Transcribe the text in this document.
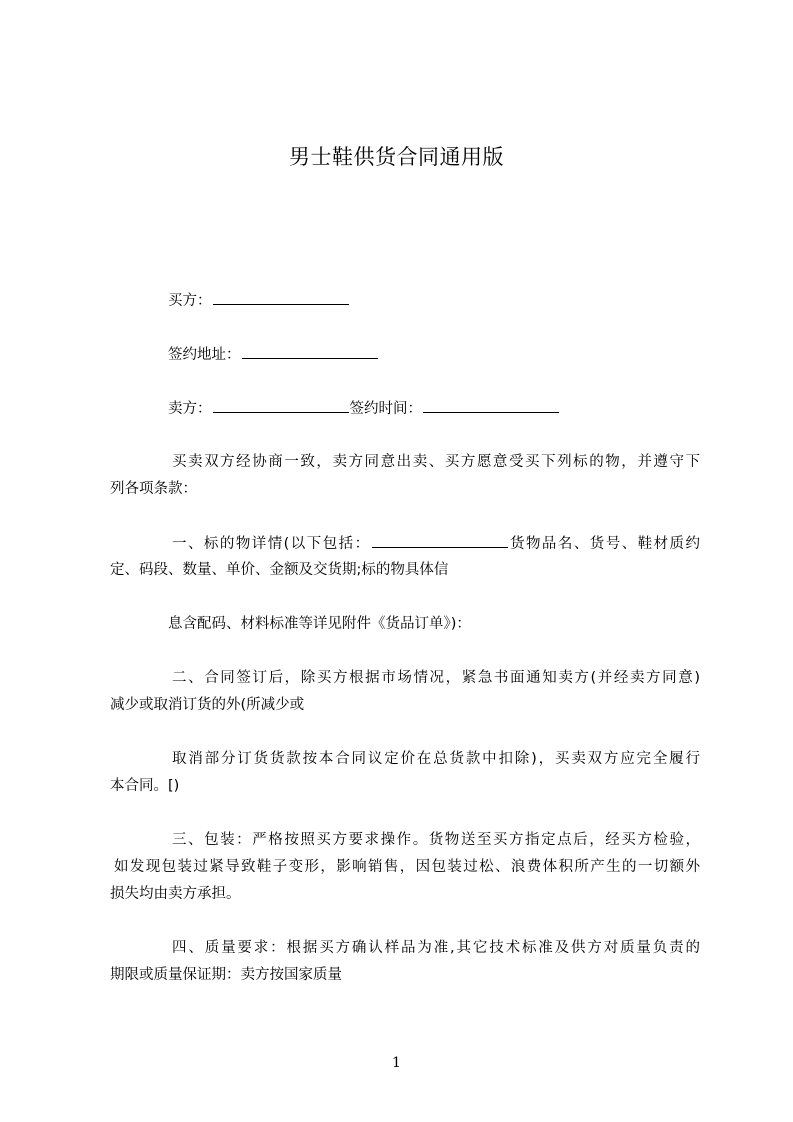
男士鞋供货合同通用版
买方：
签约地址：
卖方：	签约时间：
买卖双方经协商一致，卖方同意出卖、买方愿意受买下列标的物，并遵守下
列各项条款：
一、标的物详情(以下包括：	货物品名、货号、鞋材质约
定、码段、数量、单价、金额及交货期;标的物具体信
息含配码、材料标准等详见附件《货品订单》)：
二、合同签订后，除买方根据市场情况，紧急书面通知卖方(并经卖方同意)
减少或取消订货的外(所减少或
取消部分订货货款按本合同议定价在总货款中扣除)，买卖双方应完全履行
本合同。[)
三、包装：严格按照买方要求操作。货物送至买方指定点后，经买方检验，
如发现包装过紧导致鞋子变形，影响销售，因包装过松、浪费体积所产生的一切额外
损失均由卖方承担。
四、质量要求：根据买方确认样品为准,其它技术标准及供方对质量负责的
期限或质量保证期：卖方按国家质量
1
